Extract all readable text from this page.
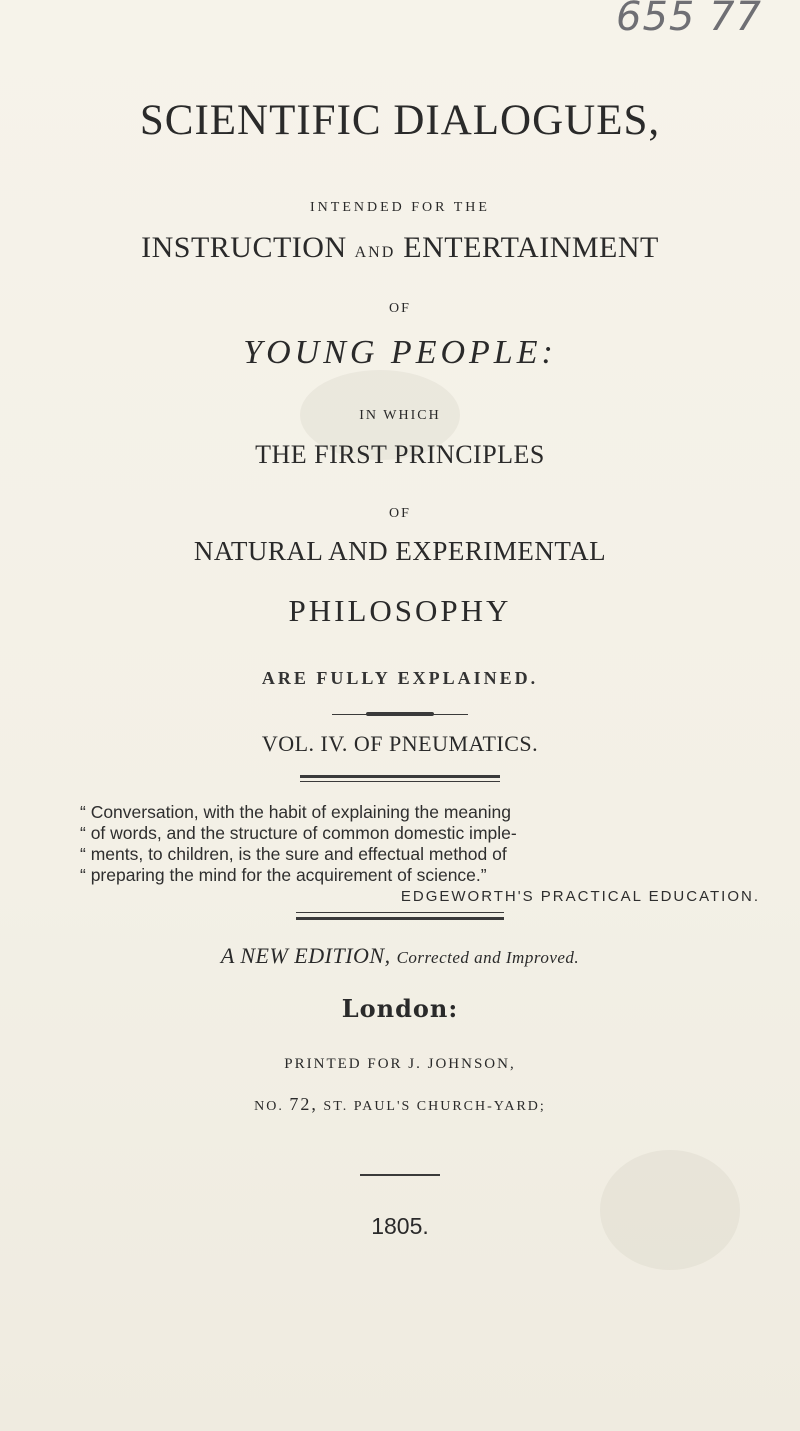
655 77
SCIENTIFIC DIALOGUES,
INTENDED FOR THE
INSTRUCTION AND ENTERTAINMENT
OF
YOUNG PEOPLE:
IN WHICH
THE FIRST PRINCIPLES
OF
NATURAL AND EXPERIMENTAL
PHILOSOPHY
ARE FULLY EXPLAINED.
VOL. IV. OF PNEUMATICS.
“ Conversation, with the habit of explaining the meaning
“ of words, and the structure of common domestic imple-
“ ments, to children, is the sure and effectual method of
“ preparing the mind for the acquirement of science.”
EDGEWORTH'S PRACTICAL EDUCATION.
A NEW EDITION, Corrected and Improved.
London:
PRINTED FOR J. JOHNSON,
NO. 72, ST. PAUL'S CHURCH-YARD;
1805.
